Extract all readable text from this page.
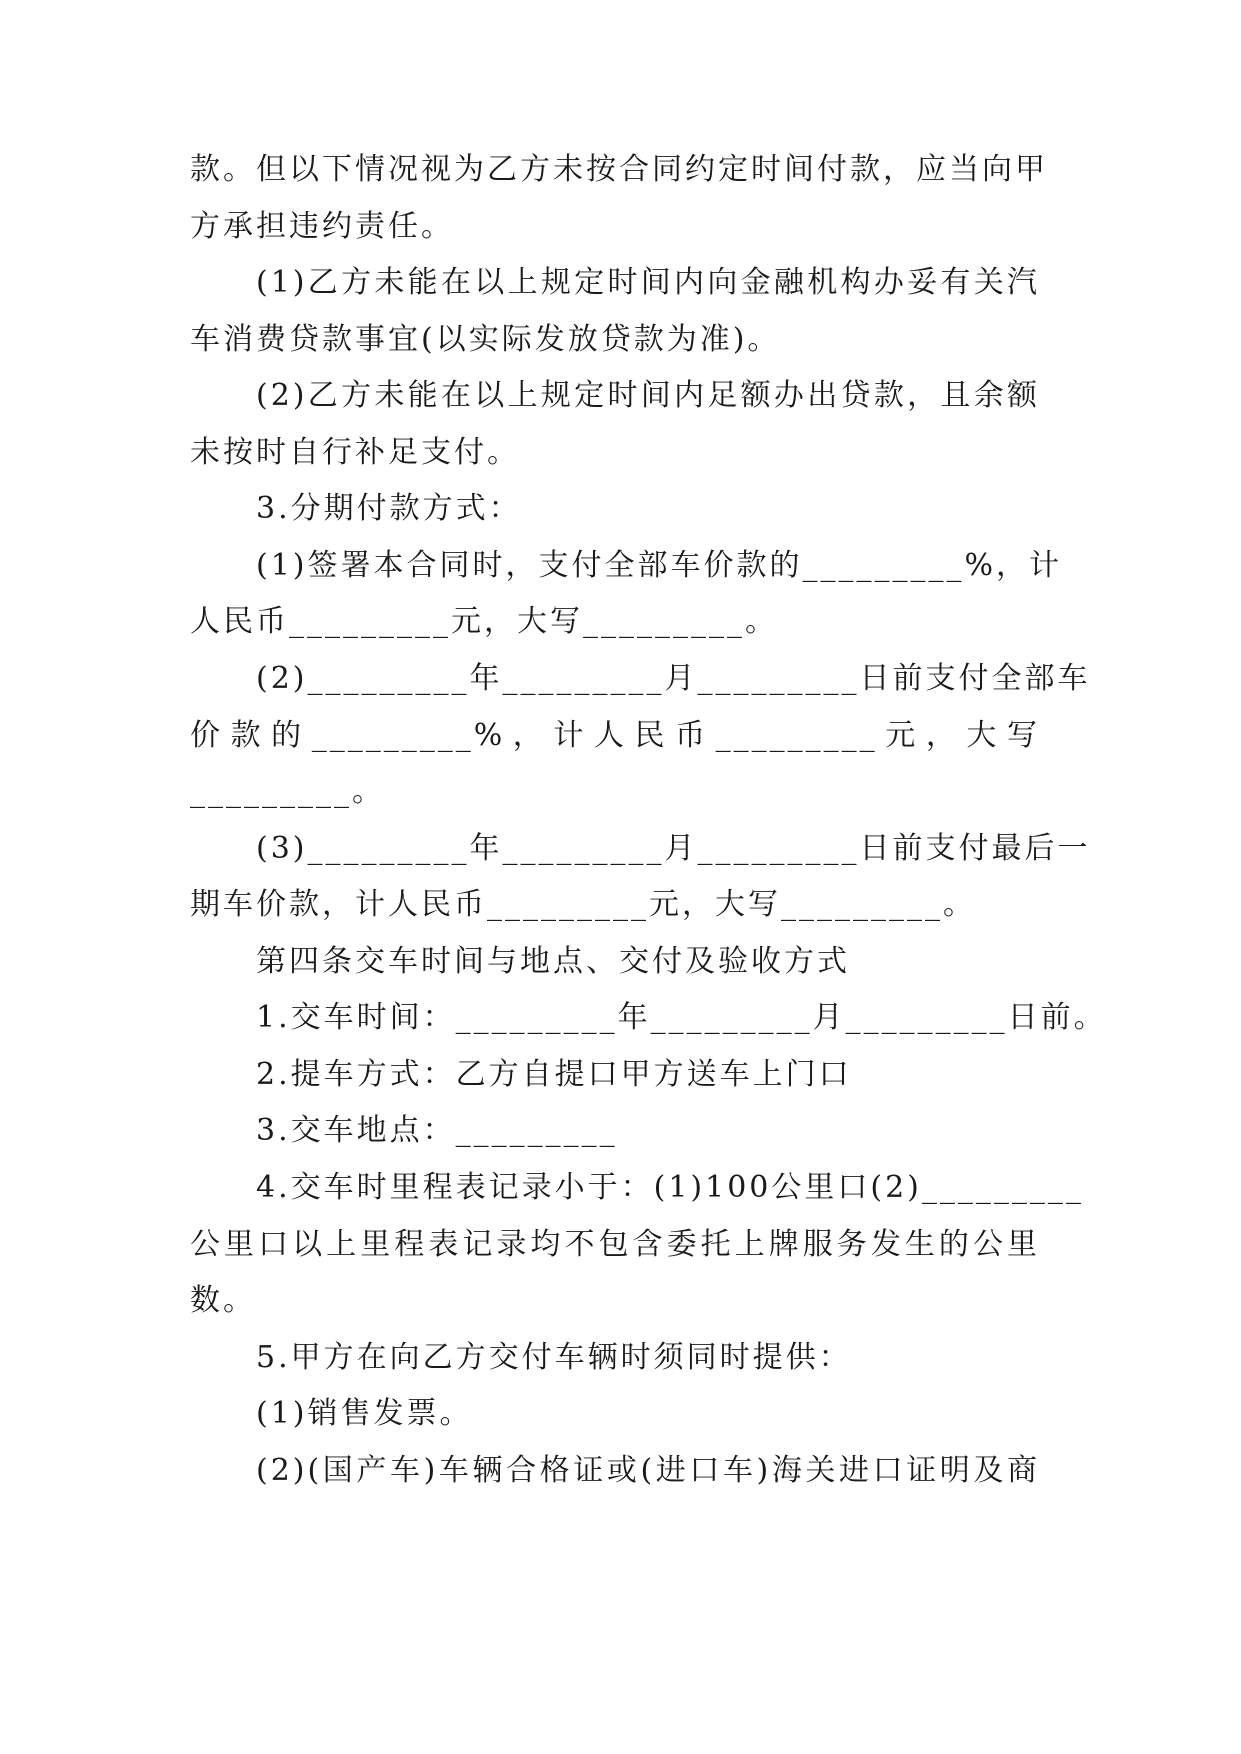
款。但以下情况视为乙方未按合同约定时间付款，应当向甲
方承担违约责任。
(1)乙方未能在以上规定时间内向金融机构办妥有关汽
车消费贷款事宜(以实际发放贷款为准)。
(2)乙方未能在以上规定时间内足额办出贷款，且余额
未按时自行补足支付。
3.分期付款方式：
(1)签署本合同时，支付全部车价款的_________%，计
人民币_________元，大写_________。
(2)_________年_________月_________日前支付全部车
价款的_________%，计人民币_________元，大写
_________。
(3)_________年_________月_________日前支付最后一
期车价款，计人民币_________元，大写_________。
第四条交车时间与地点、交付及验收方式
1.交车时间：_________年_________月_________日前。
2.提车方式：乙方自提口甲方送车上门口
3.交车地点：_________
4.交车时里程表记录小于：(1)100公里口(2)_________
公里口以上里程表记录均不包含委托上牌服务发生的公里
数。
5.甲方在向乙方交付车辆时须同时提供：
(1)销售发票。
(2)(国产车)车辆合格证或(进口车)海关进口证明及商
